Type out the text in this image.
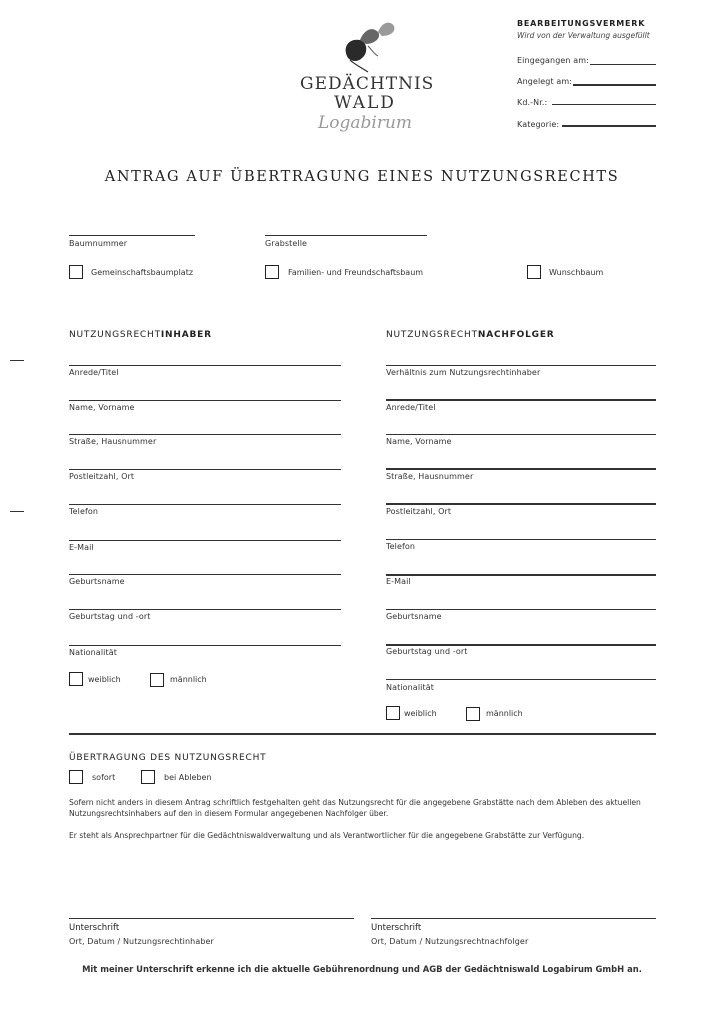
GEDÄCHTNIS
WALD
Logabirum
BEARBEITUNGSVERMERK
Wird von der Verwaltung ausgefüllt
Eingegangen am:
Angelegt am:
Kd.-Nr.:
Kategorie:
ANTRAG AUF ÜBERTRAGUNG EINES NUTZUNGSRECHTS
Baumnummer	Grabstelle
Gemeinschaftsbaumplatz	Familien- und Freundschaftsbaum	Wunschbaum
NUTZUNGSRECHTINHABER
Anrede/Titel
Name, Vorname
Straße, Hausnummer
Postleitzahl, Ort
Telefon
E-Mail
Geburtsname
Geburtstag und -ort
Nationalität
weiblich	männlich
NUTZUNGSRECHTNACHFOLGER
Verhältnis zum Nutzungsrechtinhaber
Anrede/Titel
Name, Vorname
Straße, Hausnummer
Postleitzahl, Ort
Telefon
E-Mail
Geburtsname
Geburtstag und -ort
Nationalität
weiblich	männlich
ÜBERTRAGUNG DES NUTZUNGSRECHT
sofort	bei Ableben
Sofern nicht anders in diesem Antrag schriftlich festgehalten geht das Nutzungsrecht für die angegebene Grabstätte nach dem Ableben des aktuellen Nutzungsrechtsinhabers auf den in diesem Formular angegebenen Nachfolger über.
Er steht als Ansprechpartner für die Gedächtniswaldverwaltung und als Verantwortlicher für die angegebene Grabstätte zur Verfügung.
Unterschrift
Ort, Datum / Nutzungsrechtinhaber
Unterschrift
Ort, Datum / Nutzungsrechtnachfolger
Mit meiner Unterschrift erkenne ich die aktuelle Gebührenordnung und AGB der Gedächtniswald Logabirum GmbH an.
